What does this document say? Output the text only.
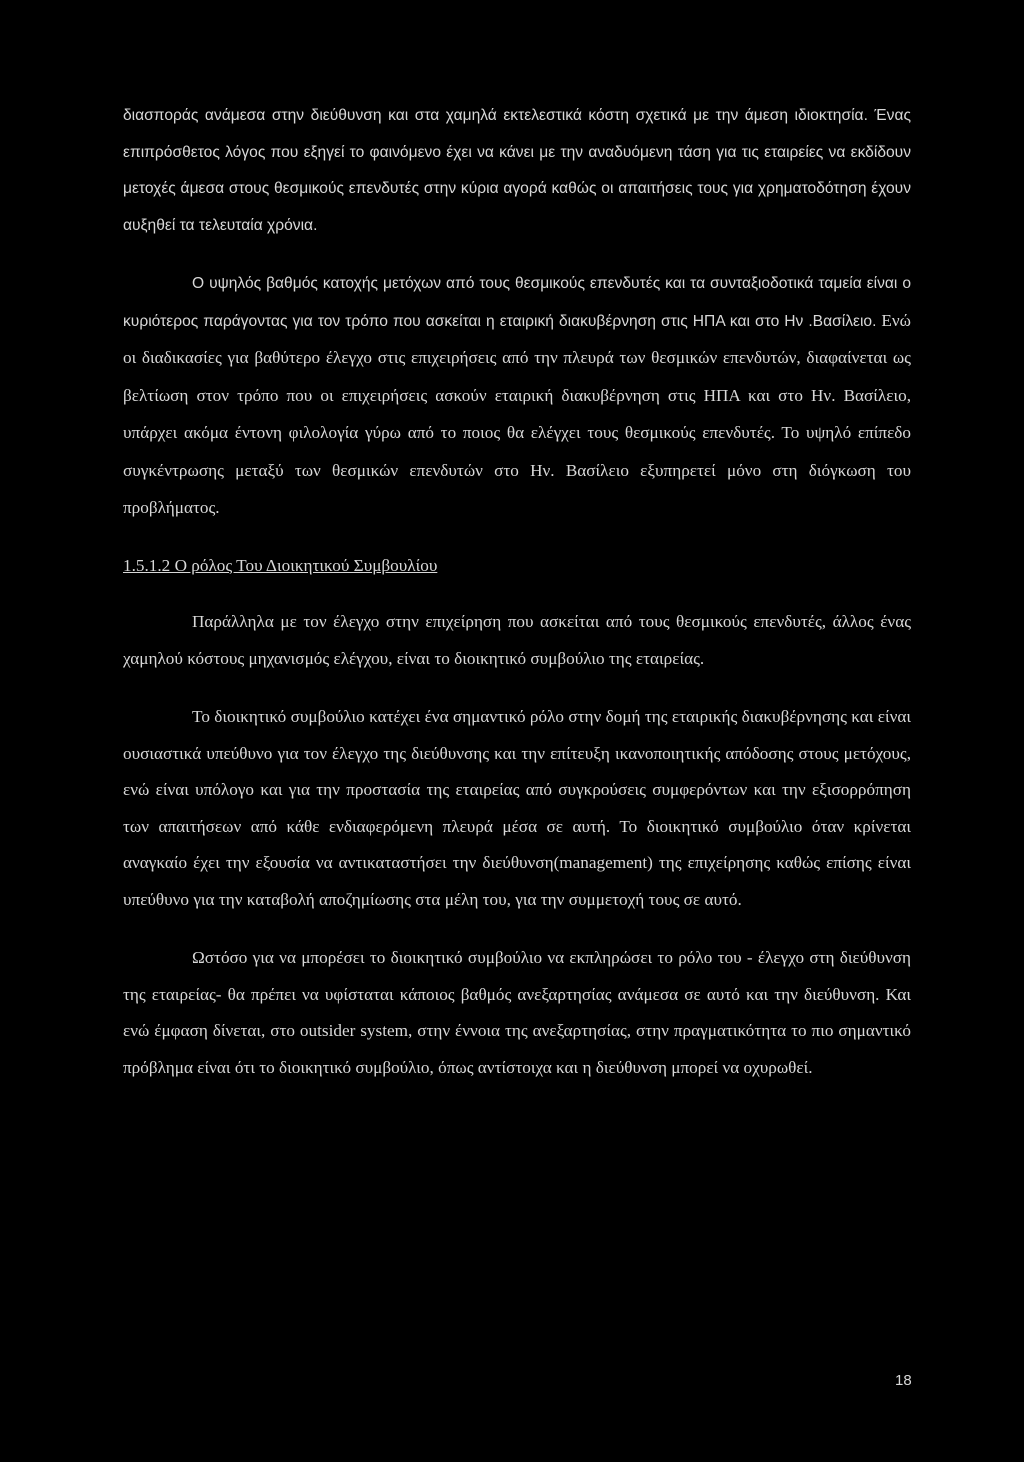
διασποράς ανάμεσα στην διεύθυνση και στα χαμηλά εκτελεστικά κόστη σχετικά με την άμεση ιδιοκτησία. Ένας επιπρόσθετος λόγος που εξηγεί το φαινόμενο έχει να κάνει με την αναδυόμενη τάση για τις εταιρείες να εκδίδουν μετοχές άμεσα στους θεσμικούς επενδυτές στην κύρια αγορά καθώς οι απαιτήσεις τους για χρηματοδότηση έχουν αυξηθεί τα τελευταία χρόνια.

Ο υψηλός βαθμός κατοχής μετόχων από τους θεσμικούς επενδυτές και τα συνταξιοδοτικά ταμεία είναι ο κυριότερος παράγοντας για τον τρόπο που ασκείται η εταιρική διακυβέρνηση στις ΗΠΑ και στο Ην .Βασίλειο. Ενώ οι διαδικασίες για βαθύτερο έλεγχο στις επιχειρήσεις από την πλευρά των θεσμικών επενδυτών, διαφαίνεται ως βελτίωση στον τρόπο που οι επιχειρήσεις ασκούν εταιρική διακυβέρνηση στις ΗΠΑ και στο Ην. Βασίλειο, υπάρχει ακόμα έντονη φιλολογία γύρω από το ποιος θα ελέγχει τους θεσμικούς επενδυτές. Το υψηλό επίπεδο συγκέντρωσης μεταξύ των θεσμικών επενδυτών στο Ην. Βασίλειο εξυπηρετεί μόνο στη διόγκωση του προβλήματος.

1.5.1.2 Ο ρόλος Του Διοικητικού Συμβουλίου

Παράλληλα με τον έλεγχο στην επιχείρηση που ασκείται από τους θεσμικούς επενδυτές, άλλος ένας χαμηλού κόστους μηχανισμός ελέγχου, είναι το διοικητικό συμβούλιο της εταιρείας.

Το διοικητικό συμβούλιο κατέχει ένα σημαντικό ρόλο στην δομή της εταιρικής διακυβέρνησης και είναι ουσιαστικά υπεύθυνο για τον έλεγχο της διεύθυνσης και την επίτευξη ικανοποιητικής απόδοσης στους μετόχους, ενώ είναι υπόλογο και για την προστασία της εταιρείας από συγκρούσεις συμφερόντων και την εξισορρόπηση των απαιτήσεων από κάθε ενδιαφερόμενη πλευρά μέσα σε αυτή. Το διοικητικό συμβούλιο όταν κρίνεται αναγκαίο έχει την εξουσία να αντικαταστήσει την διεύθυνση(management) της επιχείρησης καθώς επίσης είναι υπεύθυνο για την καταβολή αποζημίωσης στα μέλη του, για την συμμετοχή τους σε αυτό.

Ωστόσο για να μπορέσει το διοικητικό συμβούλιο να εκπληρώσει το ρόλο του - έλεγχο στη διεύθυνση της εταιρείας- θα πρέπει να υφίσταται κάποιος βαθμός ανεξαρτησίας ανάμεσα σε αυτό και την διεύθυνση. Και ενώ έμφαση δίνεται, στο outsider system, στην έννοια της ανεξαρτησίας, στην πραγματικότητα το πιο σημαντικό πρόβλημα είναι ότι το διοικητικό συμβούλιο, όπως αντίστοιχα και η διεύθυνση μπορεί να οχυρωθεί.

18
